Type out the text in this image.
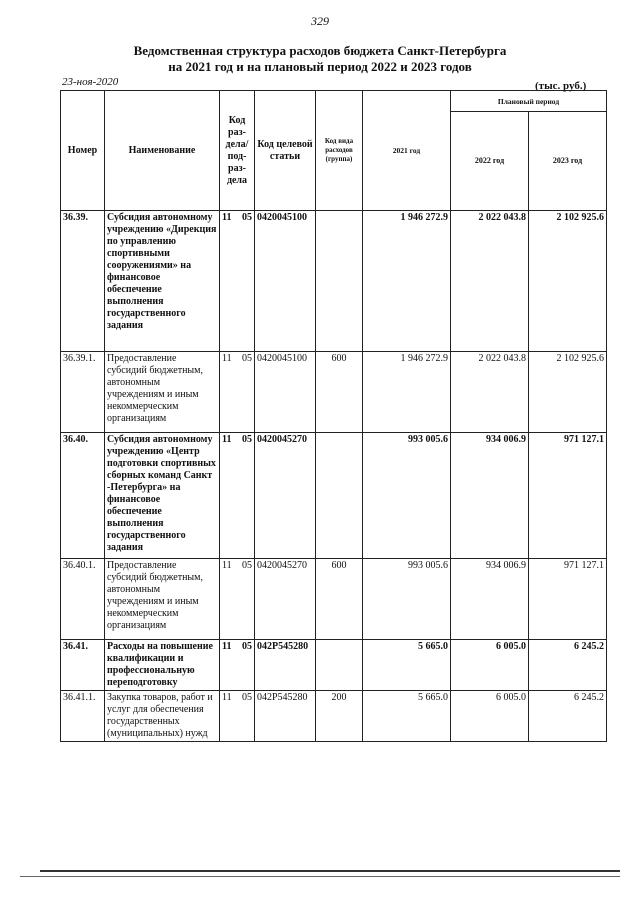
329
Ведомственная структура расходов бюджета Санкт-Петербурга
на 2021 год и на плановый период 2022 и 2023 годов
23-ноя-2020	(тыс. руб.)
Номер	Наименование	Код раз-дела/ под-раз-дела	Код целевой статьи	Код вида расходов (группа)	2021 год	Плановый период	
						2022 год	2023 год
36.39.	Субсидия автономному учреждению «Дирекция по управлению спортивными сооружениями» на финансовое обеспечение выполнения государственного задания	11 05	0420045100		1 946 272.9	2 022 043.8	2 102 925.6
36.39.1.	Предоставление субсидий бюджетным, автономным учреждениям и иным некоммерческим организациям	11 05	0420045100	600	1 946 272.9	2 022 043.8	2 102 925.6
36.40.	Субсидия автономному учреждению «Центр подготовки спортивных сборных команд Санкт -Петербурга» на финансовое обеспечение выполнения государственного задания	11 05	0420045270		993 005.6	934 006.9	971 127.1
36.40.1.	Предоставление субсидий бюджетным, автономным учреждениям и иным некоммерческим организациям	11 05	0420045270	600	993 005.6	934 006.9	971 127.1
36.41.	Расходы на повышение квалификации и профессиональную переподготовку	11 05	042P545280		5 665.0	6 005.0	6 245.2
36.41.1.	Закупка товаров, работ и услуг для обеспечения государственных (муниципальных) нужд	11 05	042P545280	200	5 665.0	6 005.0	6 245.2
